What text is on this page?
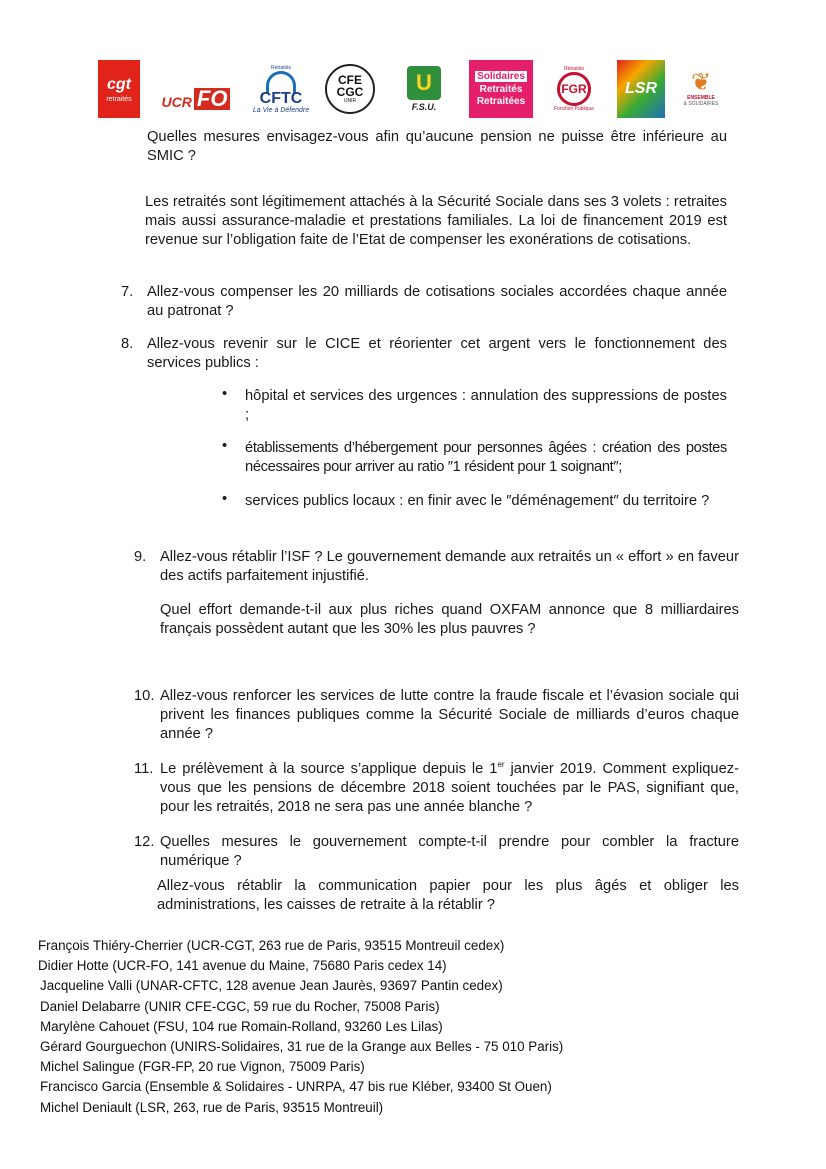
cgt
retraités UCR FO
Retraités
CFTC
La Vie à Défendre
CFE CGC
UNIR
U
F.S.U.
Solidaires
Retraités Retraitées
Retraités
FGR
Fonction Publique
LSR ❦
ENSEMBLE
& SOLIDAIRES

Quelles mesures envisagez-vous afin qu’aucune pension ne puisse être inférieure au SMIC ?

Les retraités sont légitimement attachés à la Sécurité Sociale dans ses 3 volets : retraites mais aussi assurance-maladie et prestations familiales. La loi de financement 2019 est revenue sur l’obligation faite de l’Etat de compenser les exonérations de cotisations.

7. Allez-vous compenser les 20 milliards de cotisations sociales accordées chaque année au patronat ?

8. Allez-vous revenir sur le CICE et réorienter cet argent vers le fonctionnement des services publics :

• hôpital et services des urgences : annulation des suppressions de postes ;

• établissements d’hébergement pour personnes âgées : création des postes nécessaires pour arriver au ratio ″1 résident pour 1 soignant″;

• services publics locaux : en finir avec le ″déménagement″ du territoire ?

9. Allez-vous rétablir l’ISF ? Le gouvernement demande aux retraités un « effort » en faveur des actifs parfaitement injustifié.

Quel effort demande-t-il aux plus riches quand OXFAM annonce que 8 milliardaires français possèdent autant que les 30% les plus pauvres ?

10. Allez-vous renforcer les services de lutte contre la fraude fiscale et l’évasion sociale qui privent les finances publiques comme la Sécurité Sociale de milliards d’euros chaque année ?

11. Le prélèvement à la source s’applique depuis le 1er janvier 2019. Comment expliquez-vous que les pensions de décembre 2018 soient touchées par le PAS, signifiant que, pour les retraités, 2018 ne sera pas une année blanche ?

12. Quelles mesures le gouvernement compte-t-il prendre pour combler la fracture numérique ?

Allez-vous rétablir la communication papier pour les plus âgés et obliger les administrations, les caisses de retraite à la rétablir ?

François Thiéry-Cherrier (UCR-CGT, 263 rue de Paris, 93515 Montreuil cedex)
Didier Hotte (UCR-FO, 141 avenue du Maine, 75680 Paris cedex 14)
Jacqueline Valli (UNAR-CFTC, 128 avenue Jean Jaurès, 93697 Pantin cedex)
Daniel Delabarre (UNIR CFE-CGC, 59 rue du Rocher, 75008 Paris)
Marylène Cahouet (FSU, 104 rue Romain-Rolland, 93260 Les Lilas)
Gérard Gourguechon (UNIRS-Solidaires, 31 rue de la Grange aux Belles - 75 010 Paris)
Michel Salingue (FGR-FP, 20 rue Vignon, 75009 Paris)
Francisco Garcia (Ensemble & Solidaires - UNRPA, 47 bis rue Kléber, 93400 St Ouen)
Michel Deniault (LSR, 263, rue de Paris, 93515 Montreuil)
